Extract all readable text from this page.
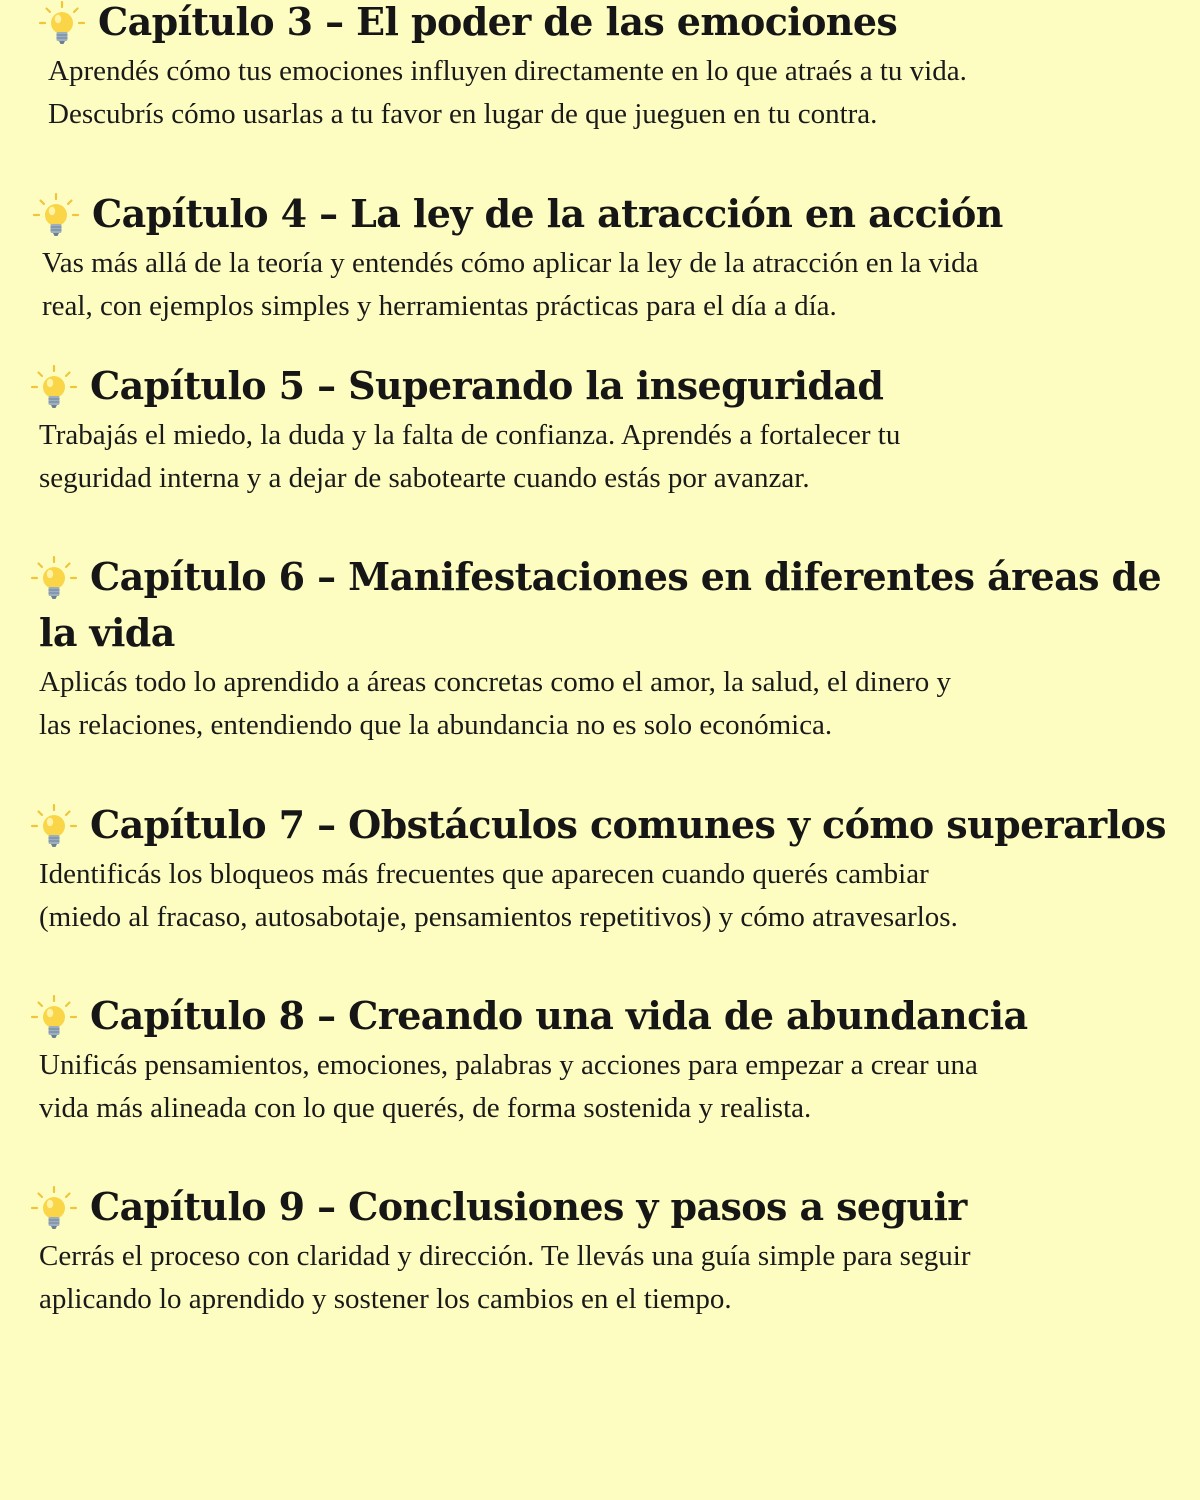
Capítulo 3 – El poder de las emociones

Aprendés cómo tus emociones influyen directamente en lo que atraés a tu vida.
Descubrís cómo usarlas a tu favor en lugar de que jueguen en tu contra.

Capítulo 4 – La ley de la atracción en acción

Vas más allá de la teoría y entendés cómo aplicar la ley de la atracción en la vida
real, con ejemplos simples y herramientas prácticas para el día a día.

Capítulo 5 – Superando la inseguridad

Trabajás el miedo, la duda y la falta de confianza. Aprendés a fortalecer tu
seguridad interna y a dejar de sabotearte cuando estás por avanzar.

Capítulo 6 – Manifestaciones en diferentes áreas de la vida

Aplicás todo lo aprendido a áreas concretas como el amor, la salud, el dinero y
las relaciones, entendiendo que la abundancia no es solo económica.

Capítulo 7 – Obstáculos comunes y cómo superarlos

Identificás los bloqueos más frecuentes que aparecen cuando querés cambiar
(miedo al fracaso, autosabotaje, pensamientos repetitivos) y cómo atravesarlos.

Capítulo 8 – Creando una vida de abundancia

Unificás pensamientos, emociones, palabras y acciones para empezar a crear una
vida más alineada con lo que querés, de forma sostenida y realista.

Capítulo 9 – Conclusiones y pasos a seguir

Cerrás el proceso con claridad y dirección. Te llevás una guía simple para seguir
aplicando lo aprendido y sostener los cambios en el tiempo.
